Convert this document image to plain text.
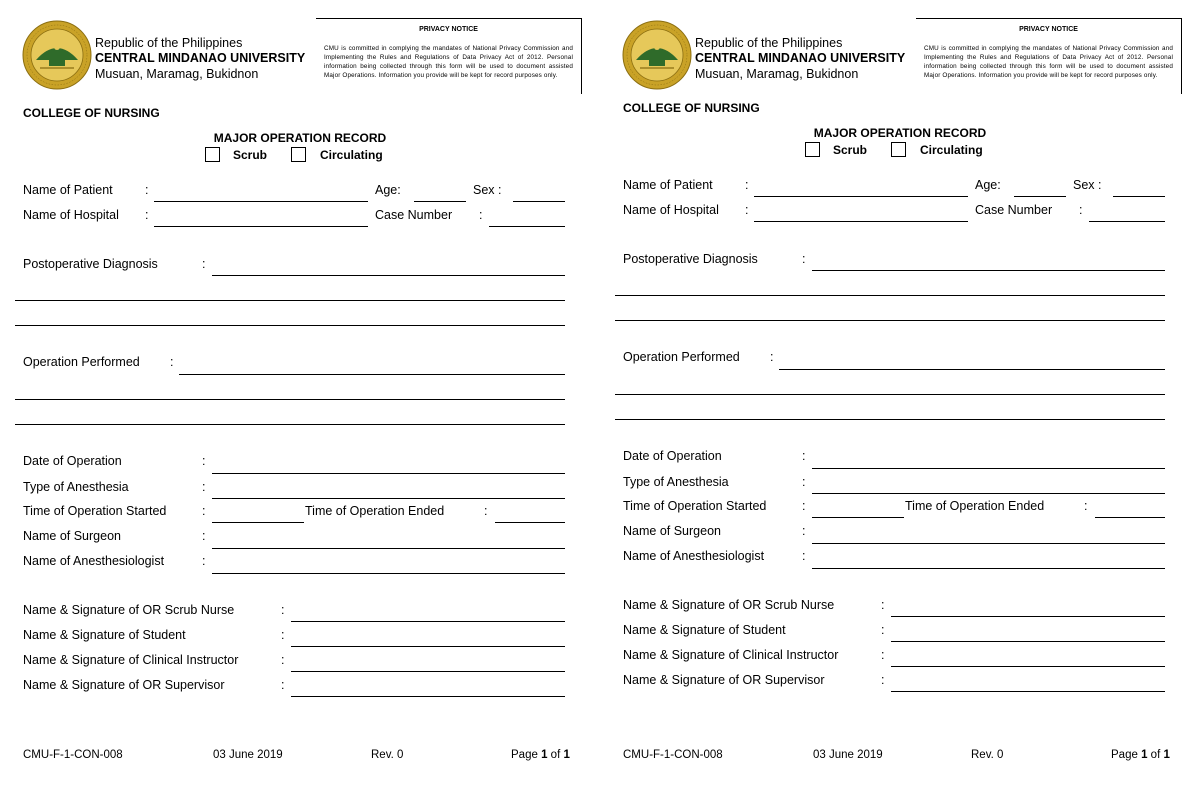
Republic of the Philippines
CENTRAL MINDANAO UNIVERSITY
Musuan, Maramag, Bukidnon
PRIVACY NOTICE
CMU is committed in complying the mandates of National Privacy Commission and Implementing the Rules and Regulations of Data Privacy Act of 2012. Personal information being collected through this form will be used to document assisted Major Operations. Information you provide will be kept for record purposes only.
COLLEGE OF NURSING
MAJOR OPERATION RECORD
Scrub	Circulating
Name of Patient	:	Age:	Sex :
Name of Hospital :	Case Number :
Postoperative Diagnosis	:
Operation Performed :
Date of Operation	:
Type of Anesthesia	:
Time of Operation Started	:	Time of Operation Ended	:
Name of Surgeon	:
Name of Anesthesiologist	:
Name & Signature of OR Scrub Nurse	:
Name & Signature of Student	:
Name & Signature of Clinical Instructor	:
Name & Signature of OR Supervisor	:
CMU-F-1-CON-008	03 June 2019	Rev. 0	Page 1 of 1
Republic of the Philippines
CENTRAL MINDANAO UNIVERSITY
Musuan, Maramag, Bukidnon
PRIVACY NOTICE
CMU is committed in complying the mandates of National Privacy Commission and Implementing the Rules and Regulations of Data Privacy Act of 2012. Personal information being collected through this form will be used to document assisted Major Operations. Information you provide will be kept for record purposes only.
COLLEGE OF NURSING
MAJOR OPERATION RECORD
Scrub	Circulating
Name of Patient	:	Age:	Sex :
Name of Hospital :	Case Number :
Postoperative Diagnosis	:
Operation Performed :
Date of Operation	:
Type of Anesthesia	:
Time of Operation Started	:	Time of Operation Ended	:
Name of Surgeon	:
Name of Anesthesiologist	:
Name & Signature of OR Scrub Nurse	:
Name & Signature of Student	:
Name & Signature of Clinical Instructor	:
Name & Signature of OR Supervisor	:
CMU-F-1-CON-008	03 June 2019	Rev. 0	Page 1 of 1
